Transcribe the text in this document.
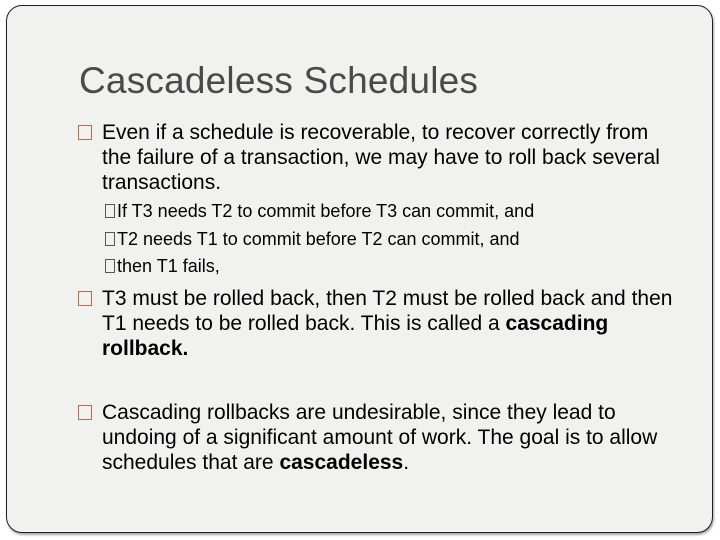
Cascadeless Schedules
Even if a schedule is recoverable, to recover correctly from the failure of a transaction, we may have to roll back several transactions.
If T3 needs T2 to commit before T3 can commit, and
T2 needs T1 to commit before T2 can commit, and
then T1 fails,
T3 must be rolled back, then T2 must be rolled back and then T1 needs to be rolled back. This is called a cascading rollback.
Cascading rollbacks are undesirable, since they lead to undoing of a significant amount of work. The goal is to allow schedules that are cascadeless.
